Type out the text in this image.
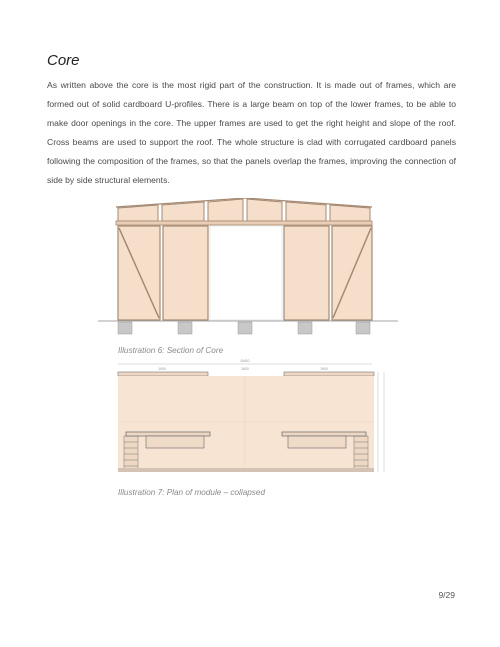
Core

As written above the core is the most rigid part of the construction. It is made out of frames, which are formed out of solid cardboard U-profiles. There is a large beam on top of the lower frames, to be able to make door openings in the core. The upper frames are used to get the right height and slope of the roof. Cross beams are used to support the roof. The whole structure is clad with corrugated cardboard panels following the composition of the frames, so that the panels overlap the frames, improving the connection of side by side structural elements.

Illustration 6: Section of Core

6400
1900	1600	1900

Illustration 7: Plan of module – collapsed

9/29
